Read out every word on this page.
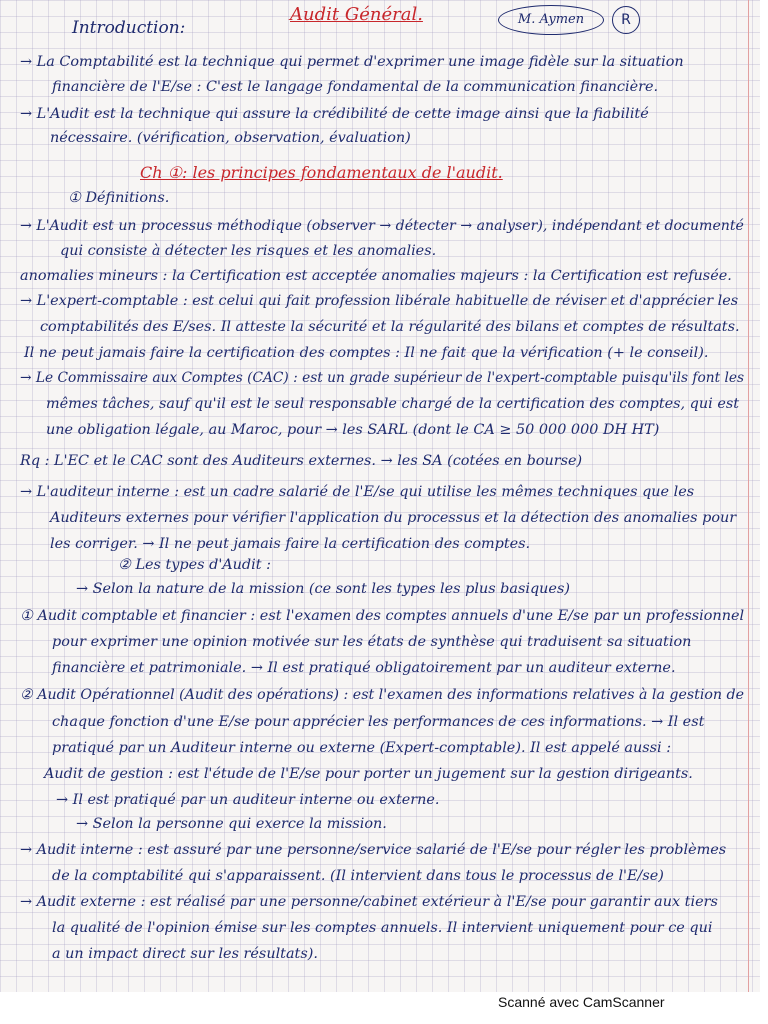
Introduction:
Audit Général.	M. Aymen	R
Ch ①: les principes fondamentaux de l'audit.
→ La Comptabilité est la technique qui permet d'exprimer une image fidèle sur la situation
financière de l'E/se : C'est le langage fondamental de la communication financière.
→ L'Audit est la technique qui assure la crédibilité de cette image ainsi que la fiabilité
nécessaire. (vérification, observation, évaluation)
① Définitions.
→ L'Audit est un processus méthodique (observer → détecter → analyser), indépendant et documenté
qui consiste à détecter les risques et les anomalies.
anomalies mineurs : la Certification est acceptée anomalies majeurs : la Certification est refusée.
→ L'expert-comptable : est celui qui fait profession libérale habituelle de réviser et d'apprécier les
comptabilités des E/ses. Il atteste la sécurité et la régularité des bilans et comptes de résultats.
Il ne peut jamais faire la certification des comptes : Il ne fait que la vérification (+ le conseil).
→ Le Commissaire aux Comptes (CAC) : est un grade supérieur de l'expert-comptable puisqu'ils font les
mêmes tâches, sauf qu'il est le seul responsable chargé de la certification des comptes, qui est
une obligation légale, au Maroc, pour → les SARL (dont le CA ≥ 50 000 000 DH HT)
Rq : L'EC et le CAC sont des Auditeurs externes. → les SA (cotées en bourse)
→ L'auditeur interne : est un cadre salarié de l'E/se qui utilise les mêmes techniques que les
Auditeurs externes pour vérifier l'application du processus et la détection des anomalies pour
les corriger. → Il ne peut jamais faire la certification des comptes.
② Les types d'Audit :
→ Selon la nature de la mission (ce sont les types les plus basiques)
① Audit comptable et financier : est l'examen des comptes annuels d'une E/se par un professionnel
pour exprimer une opinion motivée sur les états de synthèse qui traduisent sa situation
financière et patrimoniale. → Il est pratiqué obligatoirement par un auditeur externe.
② Audit Opérationnel (Audit des opérations) : est l'examen des informations relatives à la gestion de
chaque fonction d'une E/se pour apprécier les performances de ces informations. → Il est
pratiqué par un Auditeur interne ou externe (Expert-comptable). Il est appelé aussi :
Audit de gestion : est l'étude de l'E/se pour porter un jugement sur la gestion dirigeants.
→ Il est pratiqué par un auditeur interne ou externe.
→ Selon la personne qui exerce la mission.
→ Audit interne : est assuré par une personne/service salarié de l'E/se pour régler les problèmes
de la comptabilité qui s'apparaissent. (Il intervient dans tous le processus de l'E/se)
→ Audit externe : est réalisé par une personne/cabinet extérieur à l'E/se pour garantir aux tiers
la qualité de l'opinion émise sur les comptes annuels. Il intervient uniquement pour ce qui
a un impact direct sur les résultats).
Scanné avec CamScanner
